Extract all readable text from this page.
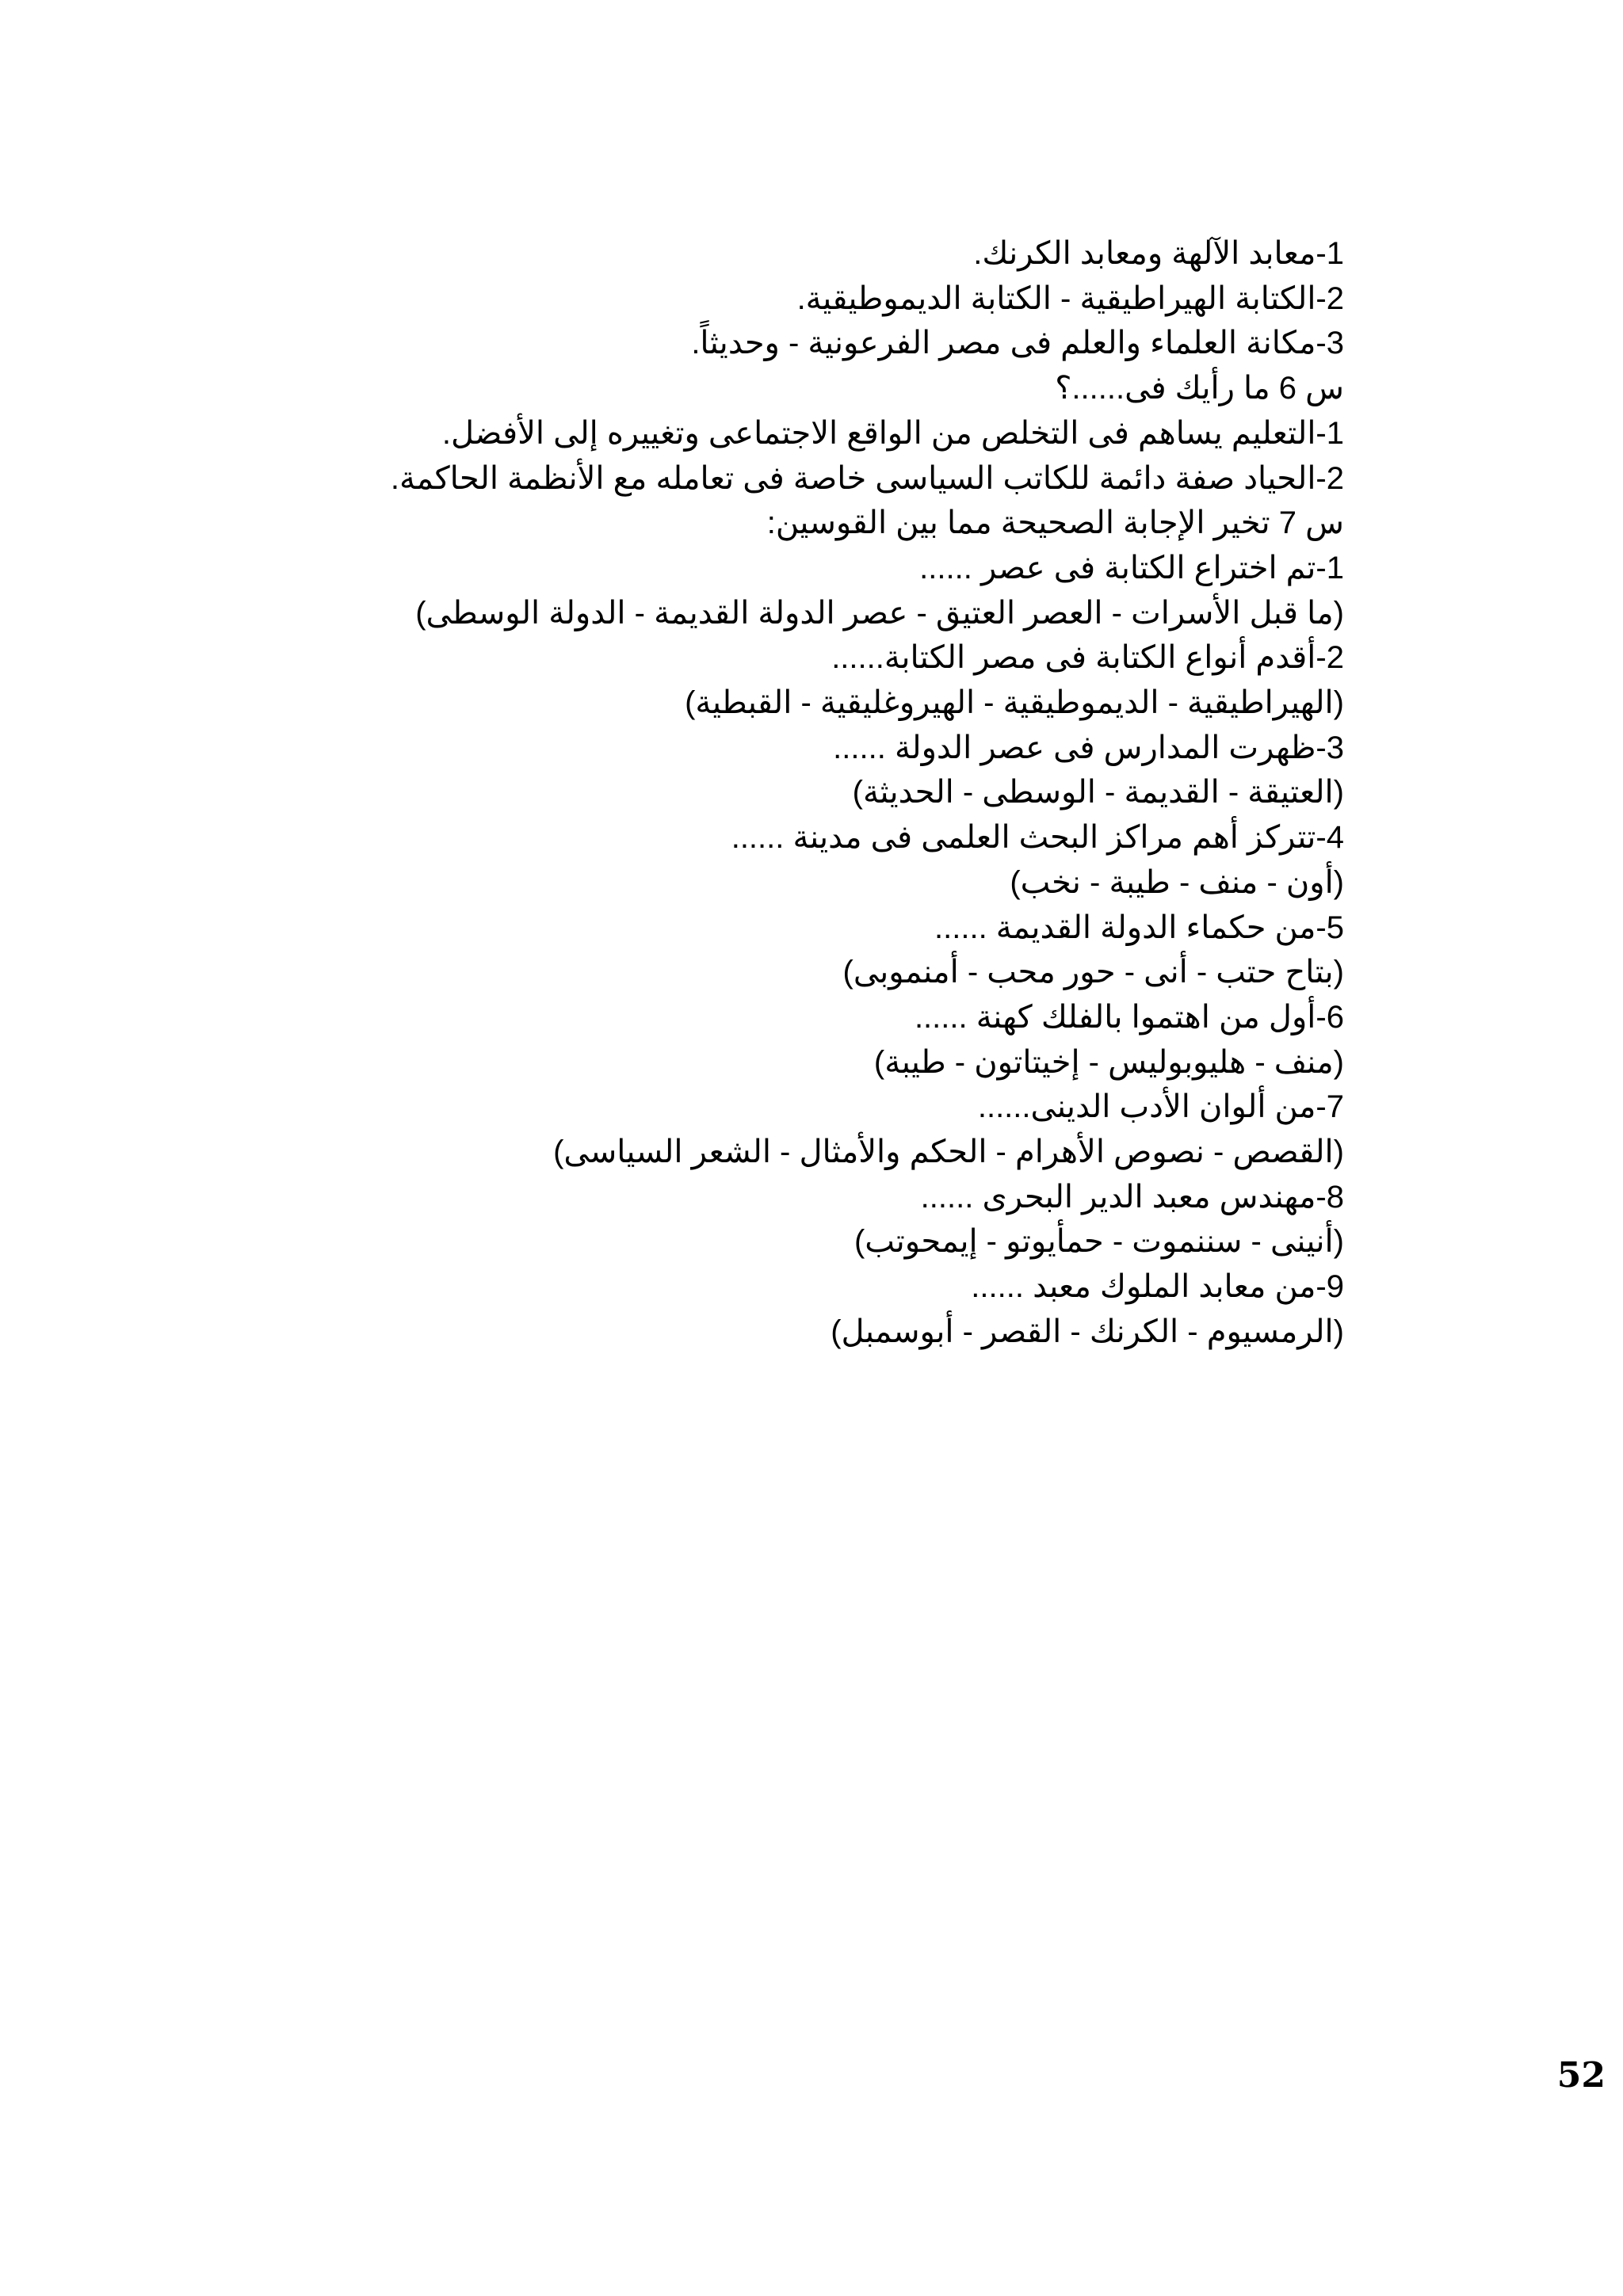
1-معابد الآلهة ومعابد الكرنك.
2-الكتابة الهيراطيقية - الكتابة الديموطيقية.
3-مكانة العلماء والعلم فى مصر الفرعونية - وحديثاً.
س 6 ما رأيك فى......؟
1-التعليم يساهم فى التخلص من الواقع الاجتماعى وتغييره إلى الأفضل.
2-الحياد صفة دائمة للكاتب السياسى خاصة فى تعامله مع الأنظمة الحاكمة.
س 7 تخير الإجابة الصحيحة مما بين القوسين:
1-تم اختراع الكتابة فى عصر ......
(ما قبل الأسرات - العصر العتيق - عصر الدولة القديمة - الدولة الوسطى)
2-أقدم أنواع الكتابة فى مصر الكتابة......
(الهيراطيقية - الديموطيقية - الهيروغليقية - القبطية)
3-ظهرت المدارس فى عصر الدولة ......
(العتيقة - القديمة - الوسطى - الحديثة)
4-تتركز أهم مراكز البحث العلمى فى مدينة ......
(أون - منف - طيبة - نخب)
5-من حكماء الدولة القديمة ......
(بتاح حتب - أنى - حور محب - أمنموبى)
6-أول من اهتموا بالفلك كهنة ......
(منف - هليوبوليس - إخيتاتون - طيبة)
7-من ألوان الأدب الدينى......
(القصص - نصوص الأهرام - الحكم والأمثال - الشعر السياسى)
8-مهندس معبد الدير البحرى ......
(أنينى - سننموت - حمأيوتو - إيمحوتب)
9-من معابد الملوك معبد ......
(الرمسيوم - الكرنك - القصر - أبوسمبل)
52
